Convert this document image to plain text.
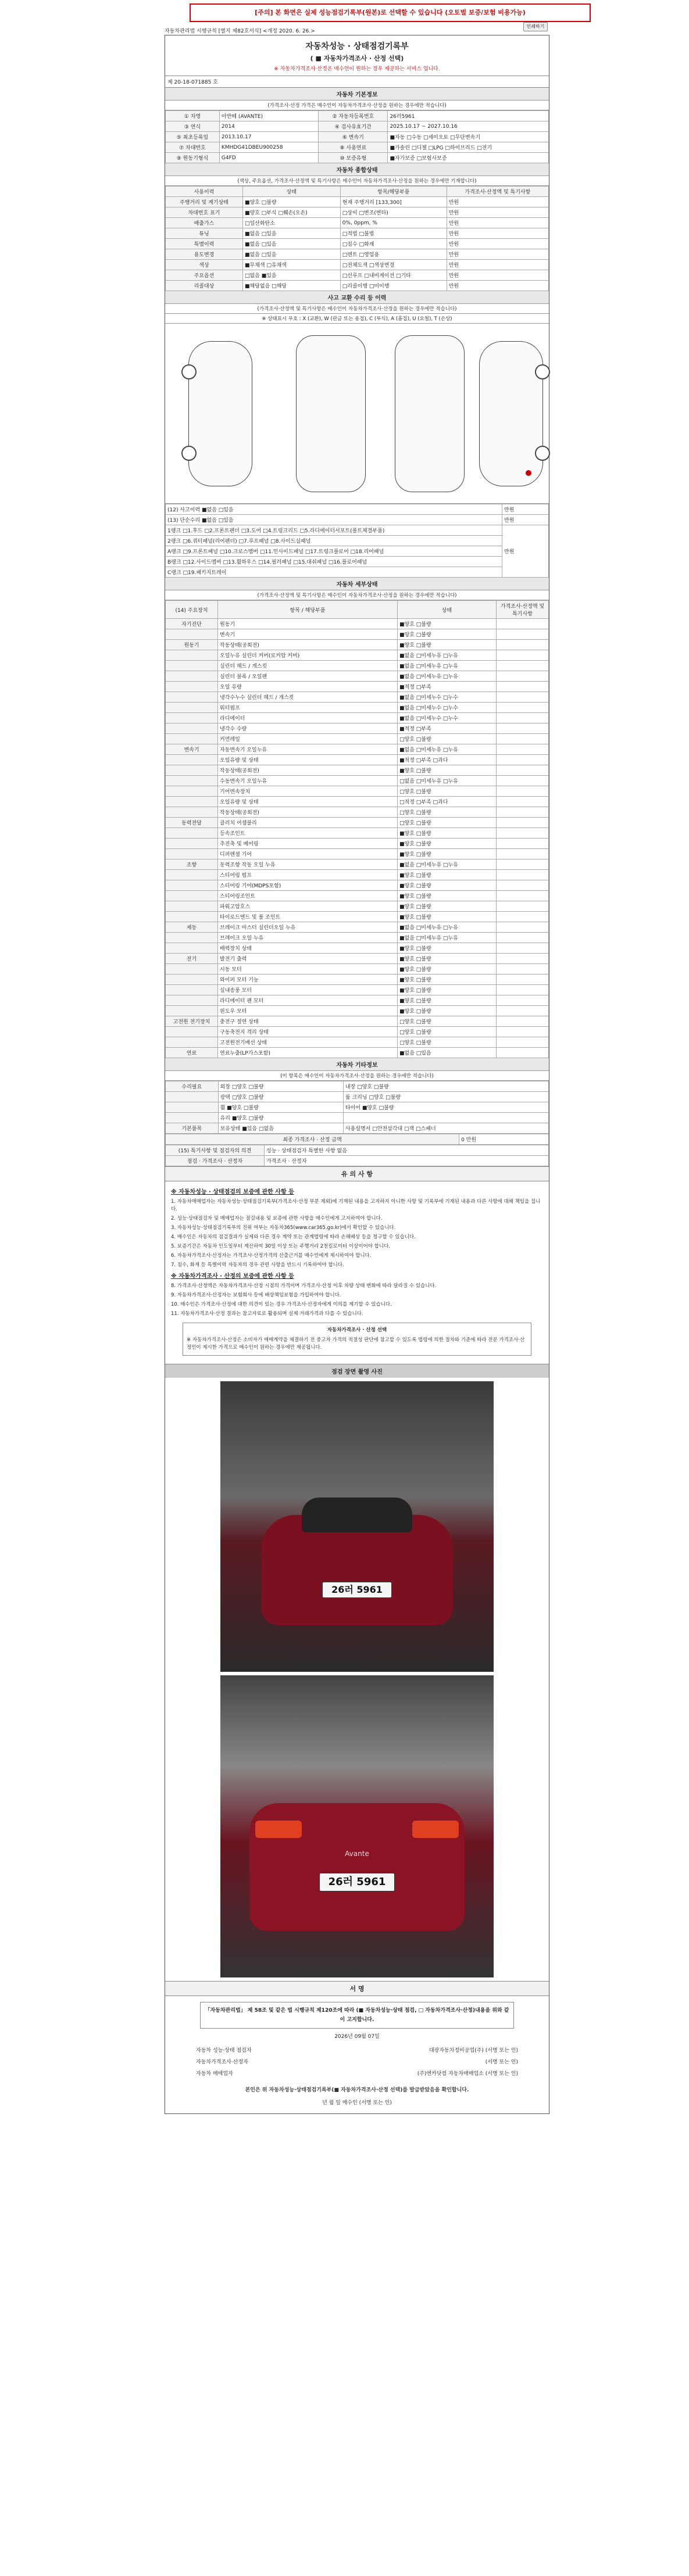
[주의] 본 화면은 실제 성능점검기록부(원본)로 선택할 수 있습니다 (오토벌 보증/보험 비용가능)
자동차관리법 시행규칙 [별지 제82호서식] <개정 2020. 6. 26.>
인쇄하기
자동차성능 · 상태점검기록부
( ■ 자동차가격조사 · 산정 선택)
※ 자동차가격조사·산정은 매수인이 원하는 경우 제공하는 서비스 입니다.
제 20-18-071885 호
자동차 기본정보
(가격조사·산정 가격은 매수인이 자동차가격조사·산정을 원하는 경우에만 적습니다)
① 차명	아반떼 (AVANTE)	② 자동차등록번호	26러5961
③ 연식	2014	④ 검사유효기간	2025.10.17 ~ 2027.10.16
⑤ 최초등록일	2013.10.17	⑥ 변속기	■자동 □수동 □세미오토 □무단변속기
⑦ 차대번호	KMHDG41DBEU900258	⑧ 사용연료	■가솔린 □디젤 □LPG □하이브리드 □전기
⑨ 원동기형식	G4FD	⑩ 보증유형	■자가보증 □보험사보증
자동차 종합상태
(색상, 주요옵션, 가격조사·산정액 및 특기사항은 매수인이 자동차가격조사·산정을 원하는 경우에만 기재합니다)
사용이력	상태	항목/해당부품	가격조사·산정액 및 특기사항
주행거리 및 계기상태	■양호 □불량	현재 주행거리 [133,300]	만원
차대번호 표기	■양호 □부식 □훼손(오손)	□상이 □변조(변타)	만원
배출가스	□일산화탄소	0%, 0ppm, %	만원
튜닝	■없음 □있음	□적법 □불법	만원
특별이력	■없음 □있음	□침수 □화재	만원
용도변경	■없음 □있음	□렌트 □영업용	만원
색상	■무채색 □유채색	□전체도색 □색상변경	만원
주요옵션	□없음 ■있음	□선루프 □내비게이션 □기타	만원
리콜대상	■해당없음 □해당	□리콜이행 □미이행	만원
사고 교환 수리 등 이력
(가격조사·산정액 및 특기사항은 매수인이 자동차가격조사·산정을 원하는 경우에만 적습니다)
※ 상태표시 부호 : X (교환), W (판금 또는 용접), C (부식), A (흠집), U (요철), T (손상)
(12) 사고이력 ■없음 □있음	만원
(13) 단순수리 ■없음 □있음	만원
1랭크 □1.후드 □2.프론트펜더 □3.도어 □4.트렁크리드 □5.라디에이터서포트(볼트체결부품)	만원
2랭크 □6.쿼터패널(리어펜더) □7.루프패널 □8.사이드실패널	
A랭크 □9.프론트패널 □10.크로스멤버 □11.인사이드패널 □17.트렁크플로어 □18.리어패널	
B랭크 □12.사이드멤버 □13.휠하우스 □14.필러패널 □15.대쉬패널 □16.플로어패널	
C랭크 □19.패키지트레이	
자동차 세부상태
(가격조사·산정액 및 특기사항은 매수인이 자동차가격조사·산정을 원하는 경우에만 적습니다)
(14) 주요장치	항목 / 해당부품	상태	가격조사·산정액 및 특기사항
자기진단	원동기	■양호 □불량	
	변속기	■양호 □불량	
원동기	작동상태(공회전)	■양호 □불량	
	오일누유 실린더 커버(로커암 커버)	■없음 □미세누유 □누유	
	실린더 헤드 / 개스킷	■없음 □미세누유 □누유	
	실린더 블록 / 오일팬	■없음 □미세누유 □누유	
	오일 유량	■적정 □부족	
	냉각수누수 실린더 헤드 / 개스킷	■없음 □미세누수 □누수	
	워터펌프	■없음 □미세누수 □누수	
	라디에이터	■없음 □미세누수 □누수	
	냉각수 수량	■적정 □부족	
	커먼레일	□양호 □불량	
변속기	자동변속기 오일누유	■없음 □미세누유 □누유	
	오일유량 및 상태	■적정 □부족 □과다	
	작동상태(공회전)	■양호 □불량	
	수동변속기 오일누유	□없음 □미세누유 □누유	
	기어변속장치	□양호 □불량	
	오일유량 및 상태	□적정 □부족 □과다	
	작동상태(공회전)	□양호 □불량	
동력전달	클러치 어셈블리	□양호 □불량	
	등속조인트	■양호 □불량	
	추진축 및 베어링	■양호 □불량	
	디퍼렌셜 기어	■양호 □불량	
조향	동력조향 작동 오일 누유	■없음 □미세누유 □누유	
	스티어링 펌프	■양호 □불량	
	스티어링 기어(MDPS포함)	■양호 □불량	
	스티어링조인트	■양호 □불량	
	파워고압호스	■양호 □불량	
	타이로드엔드 및 볼 조인트	■양호 □불량	
제동	브레이크 마스터 실린더오일 누유	■없음 □미세누유 □누유	
	브레이크 오일 누유	■없음 □미세누유 □누유	
	배력장치 상태	■양호 □불량	
전기	발전기 출력	■양호 □불량	
	시동 모터	■양호 □불량	
	와이퍼 모터 기능	■양호 □불량	
	실내송풍 모터	■양호 □불량	
	라디에이터 팬 모터	■양호 □불량	
	윈도우 모터	■양호 □불량	
고전원 전기장치	충전구 절연 상태	□양호 □불량	
	구동축전지 격리 상태	□양호 □불량	
	고전원전기배선 상태	□양호 □불량	
연료	연료누출(LP가스포함)	■없음 □있음	
자동차 기타정보
(이 항목은 매수인이 자동차가격조사·산정을 원하는 경우에만 적습니다)
수리필요	외장 □양호 □불량	내장 □양호 □불량
	광택 □양호 □불량	룸 크리닝 □양호 □불량
	휠 ■양호 □불량	타이어 ■양호 □불량
	유리 ■양호 □불량	
기본품목	보유상태 ■있음 □없음	사용설명서 □안전삼각대 □잭 □스패너
최종 가격조사 · 산정 금액	0 만원
(15) 특기사항 및 점검자의 의견	성능 · 상태점검자 특별한 사항 없음
점검 · 가격조사 · 산정자	가격조사 · 산정자
유 의 사 항
※ 자동차성능 · 상태점검의 보증에 관한 사항 등

1. 자동차매매업자는 자동차성능·상태점검기록부(가격조사·산정 부분 제외)에 기재된 내용을 고지하지 아니한 사항 및 기록부에 기재된 내용과 다른 사항에 대해 책임을 집니다.

2. 성능·상태점검자 및 매매업자는 점검내용 및 보증에 관한 사항을 매수인에게 고지하여야 합니다.

3. 자동차성능·상태점검기록부의 진위 여부는 자동차365(www.car365.go.kr)에서 확인할 수 있습니다.

4. 매수인은 자동차의 점검결과가 실제와 다른 경우 계약 또는 관계법령에 따라 손해배상 등을 청구할 수 있습니다.

5. 보증기간은 자동차 인도일부터 계산하여 30일 이상 또는 주행거리 2천킬로미터 이상이어야 합니다.

6. 자동차가격조사·산정자는 가격조사·산정가격의 산출근거를 매수인에게 제시하여야 합니다.

7. 침수, 화재 등 특별이력 자동차의 경우 관련 사항을 반드시 기록하여야 합니다.

※ 자동차가격조사 · 산정의 보증에 관한 사항 등

8. 가격조사·산정액은 자동차가격조사·산정 시점의 가격이며 가격조사·산정 이후 차량 상태 변화에 따라 달라질 수 있습니다.

9. 자동차가격조사·산정자는 보험회사 등에 배상책임보험을 가입하여야 합니다.

10. 매수인은 가격조사·산정에 대한 의견이 있는 경우 가격조사·산정자에게 이의를 제기할 수 있습니다.

11. 자동차가격조사·산정 결과는 참고자료로 활용되며 실제 거래가격과 다를 수 있습니다.

자동차가격조사 · 산정 선택
※ 자동차가격조사·산정은 소비자가 매매계약을 체결하기 전 중고차 가격의 적절성 판단에 참고할 수 있도록 법령에 의한 절차와 기준에 따라 전문 가격조사·산정인이 제시한 가격으로 매수인이 원하는 경우에만 제공됩니다.
점검 장면 촬영 사진
26러 5961
Avante
26러 5961
서 명
「자동차관리법」 제 58조 및 같은 법 시행규칙 제120조에 따라 (■ 자동차성능·상태 점검, □ 자동차가격조사·산정)내용을 위와 같이 고지합니다.
2026년 09월 07일
자동차 성능·상태 점검자	대광자동차정비공업(주) (서명 또는 인)
자동차가격조사·산정자	(서명 또는 인)
자동차 매매업자	(주)엔카닷컴 자동차매매업소 (서명 또는 인)
본인은 위 자동차성능·상태점검기록부(■ 자동차가격조사·산정 선택)를 발급받았음을 확인합니다.
년 월 일 매수인 (서명 또는 인)
